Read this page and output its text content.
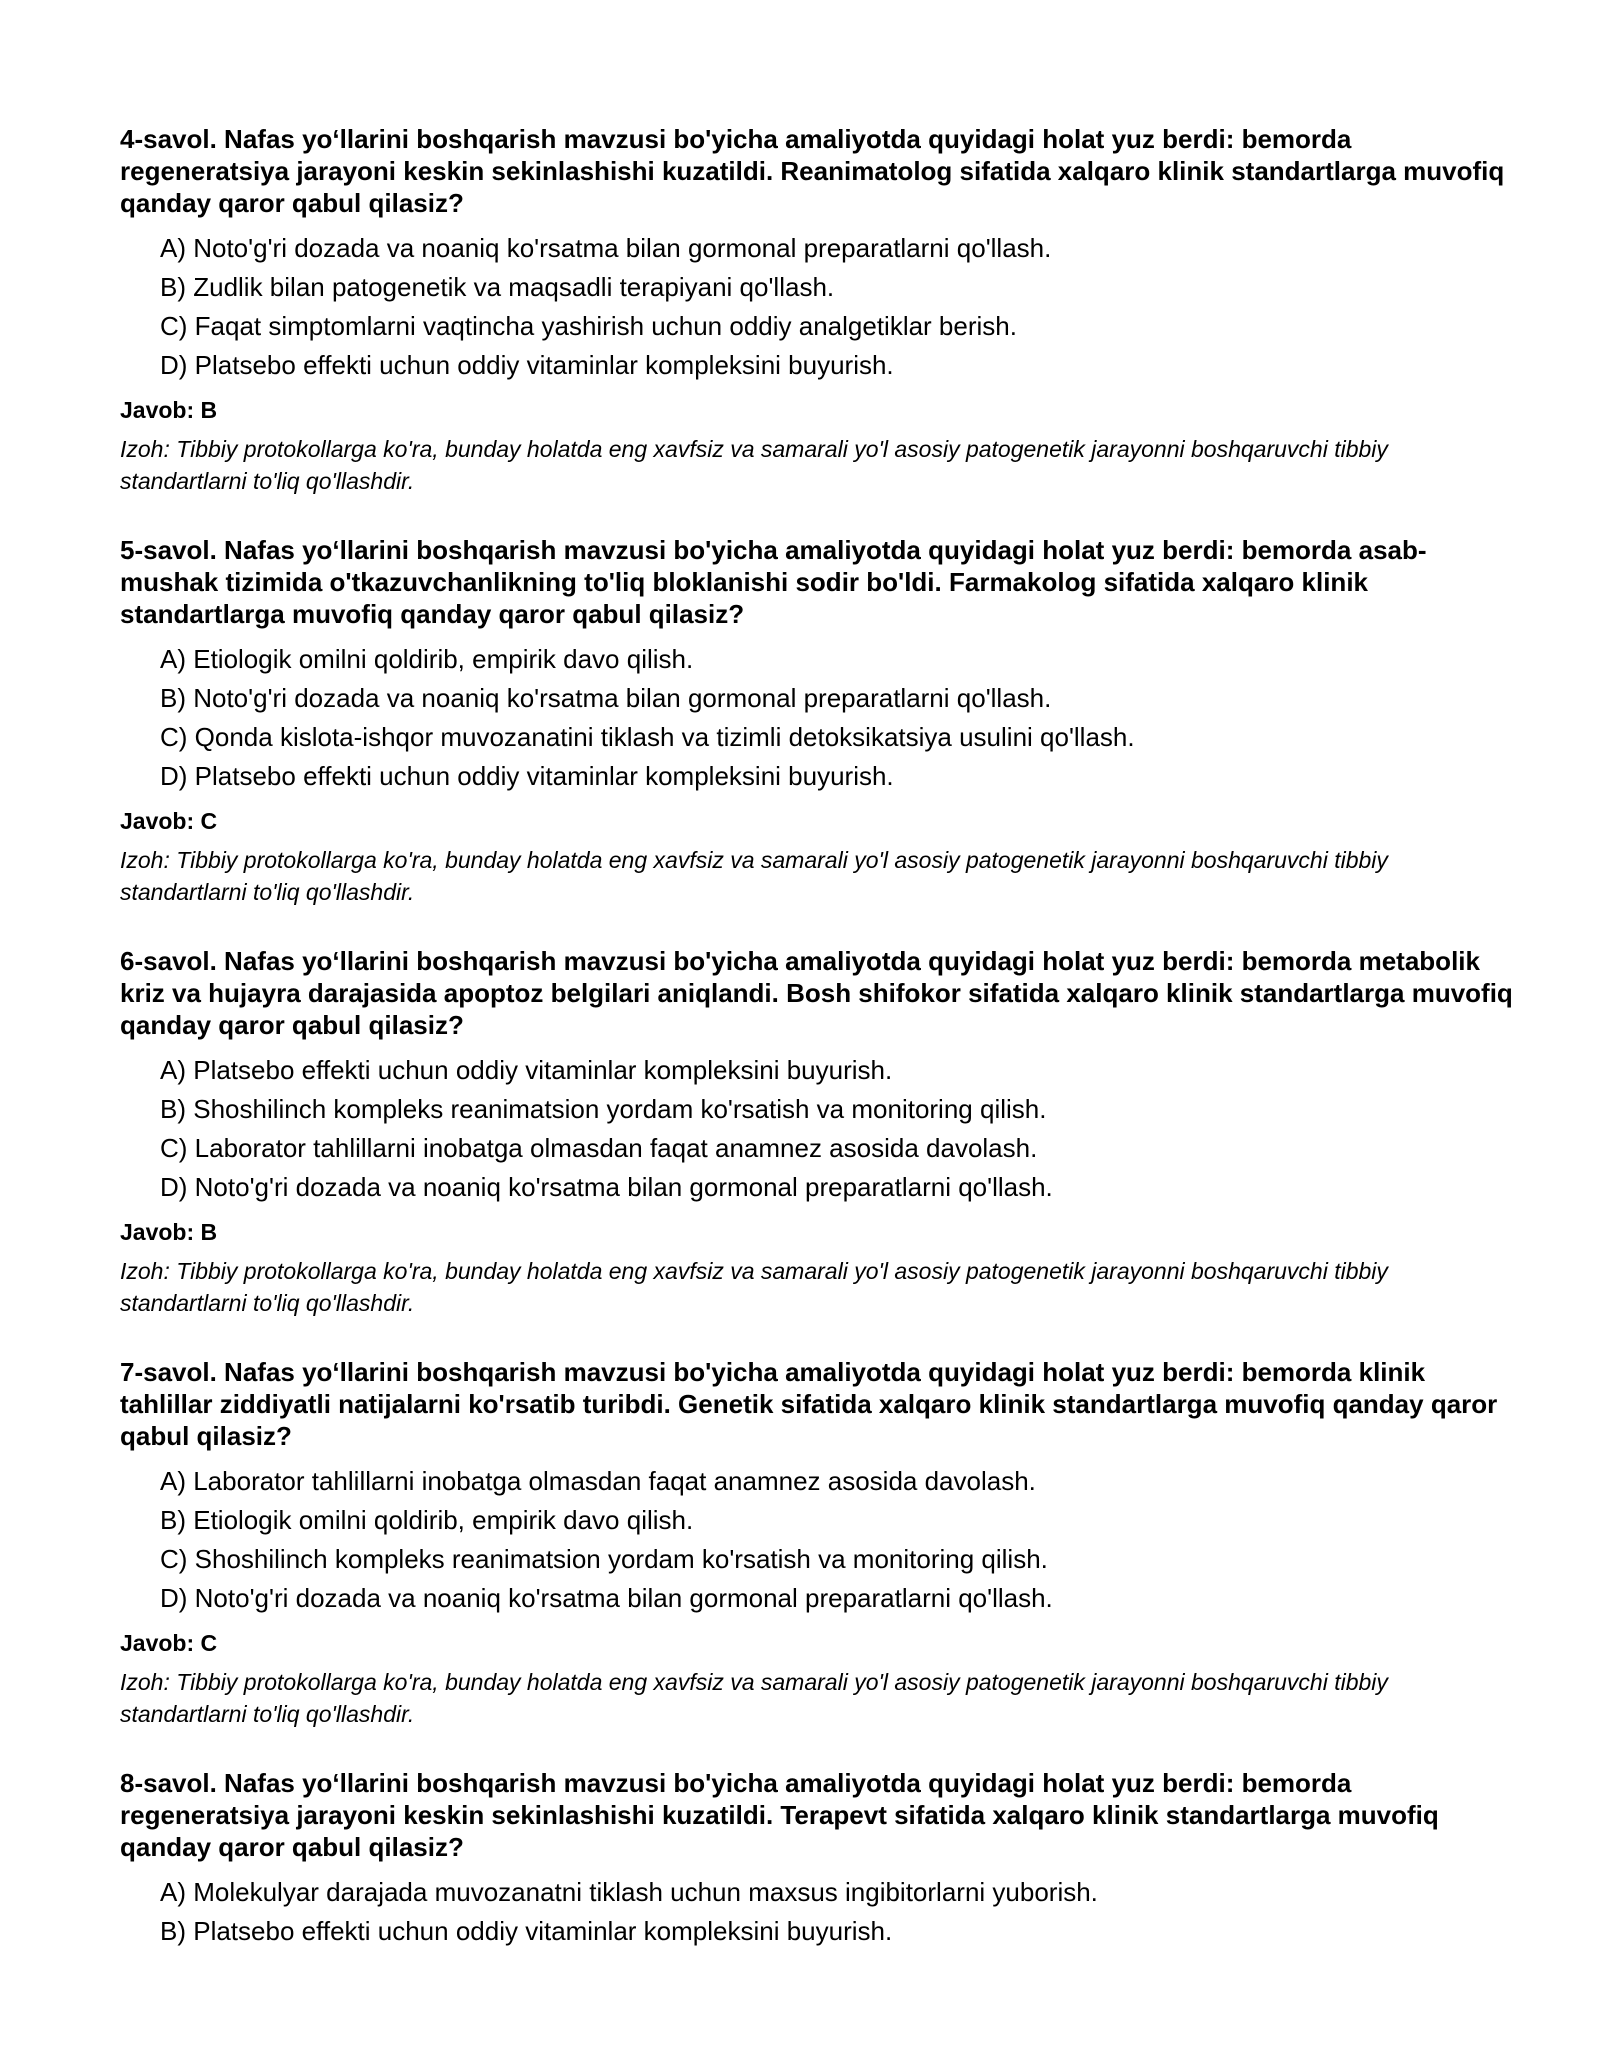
4-savol. Nafas yo‘llarini boshqarish mavzusi bo'yicha amaliyotda quyidagi holat yuz berdi: bemorda regeneratsiya jarayoni keskin sekinlashishi kuzatildi. Reanimatolog sifatida xalqaro klinik standartlarga muvofiq qanday qaror qabul qilasiz?

A) Noto'g'ri dozada va noaniq ko'rsatma bilan gormonal preparatlarni qo'llash.
B) Zudlik bilan patogenetik va maqsadli terapiyani qo'llash.
C) Faqat simptomlarni vaqtincha yashirish uchun oddiy analgetiklar berish.
D) Platsebo effekti uchun oddiy vitaminlar kompleksini buyurish.

Javob: B

Izoh: Tibbiy protokollarga ko'ra, bunday holatda eng xavfsiz va samarali yo'l asosiy patogenetik jarayonni boshqaruvchi tibbiy standartlarni to'liq qo'llashdir.

5-savol. Nafas yo‘llarini boshqarish mavzusi bo'yicha amaliyotda quyidagi holat yuz berdi: bemorda asab-mushak tizimida o'tkazuvchanlikning to'liq bloklanishi sodir bo'ldi. Farmakolog sifatida xalqaro klinik standartlarga muvofiq qanday qaror qabul qilasiz?

A) Etiologik omilni qoldirib, empirik davo qilish.
B) Noto'g'ri dozada va noaniq ko'rsatma bilan gormonal preparatlarni qo'llash.
C) Qonda kislota-ishqor muvozanatini tiklash va tizimli detoksikatsiya usulini qo'llash.
D) Platsebo effekti uchun oddiy vitaminlar kompleksini buyurish.

Javob: C

Izoh: Tibbiy protokollarga ko'ra, bunday holatda eng xavfsiz va samarali yo'l asosiy patogenetik jarayonni boshqaruvchi tibbiy standartlarni to'liq qo'llashdir.

6-savol. Nafas yo‘llarini boshqarish mavzusi bo'yicha amaliyotda quyidagi holat yuz berdi: bemorda metabolik kriz va hujayra darajasida apoptoz belgilari aniqlandi. Bosh shifokor sifatida xalqaro klinik standartlarga muvofiq qanday qaror qabul qilasiz?

A) Platsebo effekti uchun oddiy vitaminlar kompleksini buyurish.
B) Shoshilinch kompleks reanimatsion yordam ko'rsatish va monitoring qilish.
C) Laborator tahlillarni inobatga olmasdan faqat anamnez asosida davolash.
D) Noto'g'ri dozada va noaniq ko'rsatma bilan gormonal preparatlarni qo'llash.

Javob: B

Izoh: Tibbiy protokollarga ko'ra, bunday holatda eng xavfsiz va samarali yo'l asosiy patogenetik jarayonni boshqaruvchi tibbiy standartlarni to'liq qo'llashdir.

7-savol. Nafas yo‘llarini boshqarish mavzusi bo'yicha amaliyotda quyidagi holat yuz berdi: bemorda klinik tahlillar ziddiyatli natijalarni ko'rsatib turibdi. Genetik sifatida xalqaro klinik standartlarga muvofiq qanday qaror qabul qilasiz?

A) Laborator tahlillarni inobatga olmasdan faqat anamnez asosida davolash.
B) Etiologik omilni qoldirib, empirik davo qilish.
C) Shoshilinch kompleks reanimatsion yordam ko'rsatish va monitoring qilish.
D) Noto'g'ri dozada va noaniq ko'rsatma bilan gormonal preparatlarni qo'llash.

Javob: C

Izoh: Tibbiy protokollarga ko'ra, bunday holatda eng xavfsiz va samarali yo'l asosiy patogenetik jarayonni boshqaruvchi tibbiy standartlarni to'liq qo'llashdir.

8-savol. Nafas yo‘llarini boshqarish mavzusi bo'yicha amaliyotda quyidagi holat yuz berdi: bemorda regeneratsiya jarayoni keskin sekinlashishi kuzatildi. Terapevt sifatida xalqaro klinik standartlarga muvofiq qanday qaror qabul qilasiz?

A) Molekulyar darajada muvozanatni tiklash uchun maxsus ingibitorlarni yuborish.
B) Platsebo effekti uchun oddiy vitaminlar kompleksini buyurish.
